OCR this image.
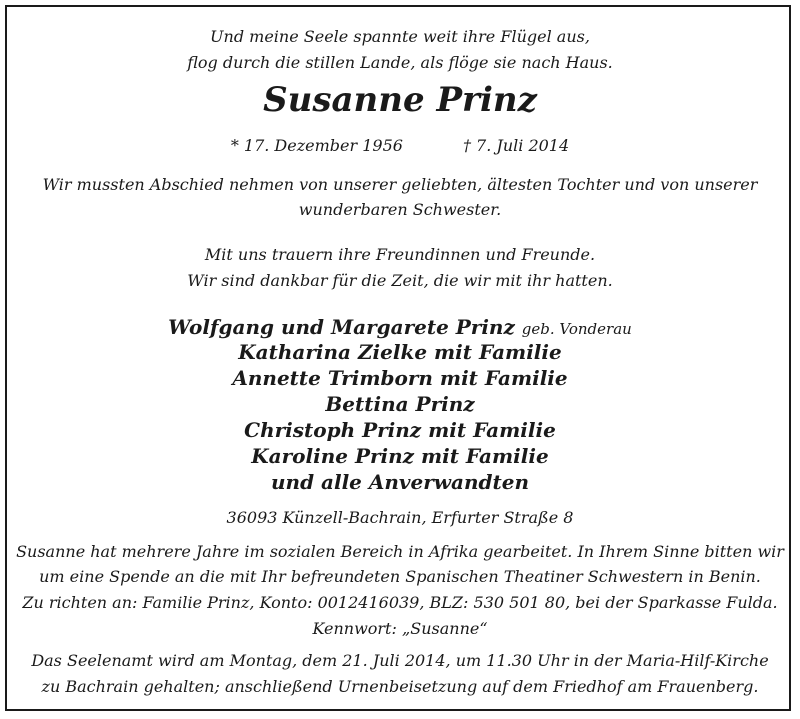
Und meine Seele spannte weit ihre Flügel aus,
flog durch die stillen Lande, als flöge sie nach Haus.
Susanne Prinz
* 17. Dezember 1956	† 7. Juli 2014
Wir mussten Abschied nehmen von unserer geliebten, ältesten Tochter und von unserer
wunderbaren Schwester.
Mit uns trauern ihre Freundinnen und Freunde.
Wir sind dankbar für die Zeit, die wir mit ihr hatten.
Wolfgang und Margarete Prinz geb. Vonderau
Katharina Zielke mit Familie
Annette Trimborn mit Familie
Bettina Prinz
Christoph Prinz mit Familie
Karoline Prinz mit Familie
und alle Anverwandten
36093 Künzell-Bachrain, Erfurter Straße 8
Susanne hat mehrere Jahre im sozialen Bereich in Afrika gearbeitet. In Ihrem Sinne bitten wir
um eine Spende an die mit Ihr befreundeten Spanischen Theatiner Schwestern in Benin.
Zu richten an: Familie Prinz, Konto: 0012416039, BLZ: 530 501 80, bei der Sparkasse Fulda.
Kennwort: „Susanne“
Das Seelenamt wird am Montag, dem 21. Juli 2014, um 11.30 Uhr in der Maria-Hilf-Kirche
zu Bachrain gehalten; anschließend Urnenbeisetzung auf dem Friedhof am Frauenberg.
